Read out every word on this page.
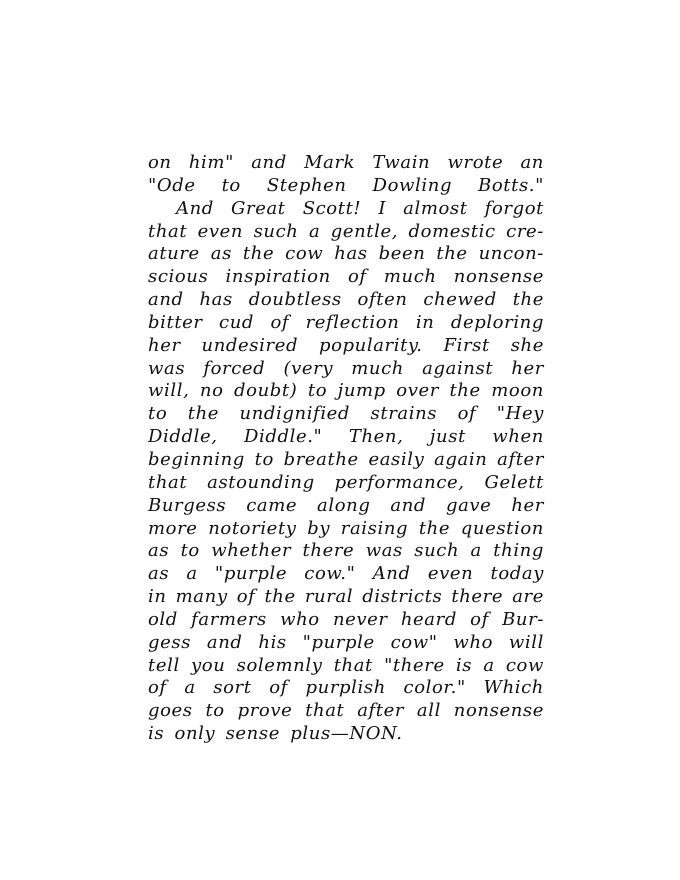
on him" and Mark Twain wrote an
"Ode to Stephen Dowling Botts."
And Great Scott! I almost forgot
that even such a gentle, domestic cre-
ature as the cow has been the uncon-
scious inspiration of much nonsense
and has doubtless often chewed the
bitter cud of reflection in deploring
her undesired popularity. First she
was forced (very much against her
will, no doubt) to jump over the moon
to the undignified strains of "Hey
Diddle, Diddle." Then, just when
beginning to breathe easily again after
that astounding performance, Gelett
Burgess came along and gave her
more notoriety by raising the question
as to whether there was such a thing
as a "purple cow." And even today
in many of the rural districts there are
old farmers who never heard of Bur-
gess and his "purple cow" who will
tell you solemnly that "there is a cow
of a sort of purplish color." Which
goes to prove that after all nonsense
is only sense plus—NON.
